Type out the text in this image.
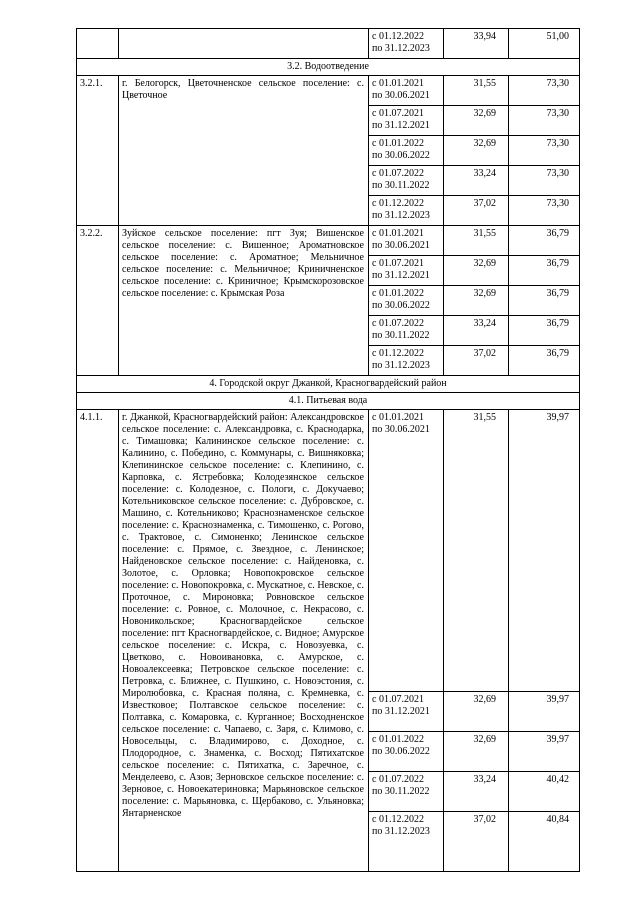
		с 01.12.2022
по 31.12.2023	33,94	51,00
3.2. Водоотведение				
3.2.1.	г. Белогорск, Цветочненское сельское поселение: с. Цветочное	с 01.01.2021
по 30.06.2021	31,55	73,30

		с 01.07.2021
по 31.12.2021	32,69	73,30

		с 01.01.2022
по 30.06.2022	32,69	73,30

		с 01.07.2022
по 30.11.2022	33,24	73,30

		с 01.12.2022
по 31.12.2023	37,02	73,30
3.2.2.	Зуйское сельское поселение: пгт Зуя; Вишенское сельское поселение: с. Вишенное; Ароматновское сельское поселение: с. Ароматное; Мельничное сельское поселение: с. Мельничное; Криничненское сельское поселение: с. Криничное; Крымскорозовское сельское поселение: с. Крымская Роза	с 01.01.2021
по 30.06.2021	31,55	36,79

		с 01.07.2021
по 31.12.2021	32,69	36,79

		с 01.01.2022
по 30.06.2022	32,69	36,79

		с 01.07.2022
по 30.11.2022	33,24	36,79

		с 01.12.2022
по 31.12.2023	37,02	36,79
4. Городской округ Джанкой, Красногвардейский район				
4.1. Питьевая вода				
4.1.1.	г. Джанкой, Красногвардейский район: Александровское сельское поселение: с. Александровка, с. Краснодарка, с. Тимашовка; Калининское сельское поселение: с. Калинино, с. Побединo, с. Коммунары, с. Вишняковка; Клепининское сельское поселение: с. Клепинино, с. Карповка, с. Ястребовка; Колодезянское сельское поселение: с. Колодезное, с. Пологи, с. Докучаево; Котельниковское сельское поселение: с. Дубровское, с. Машино, с. Котельниково; Краснознаменское сельское поселение: с. Краснознаменка, с. Тимошенко, с. Рогово, с. Трактовое, с. Симоненко; Ленинское сельское поселение: с. Прямое, с. Звездное, с. Ленинское; Найденовское сельское поселение: с. Найденовка, с. Золотое, с. Орловка; Новопокровское сельское поселение: с. Новопокровка, с. Мускатное, с. Невское, с. Проточное, с. Мироновка; Ровновское сельское поселение: с. Ровное, с. Молочное, с. Некрасово, с. Новоникольское; Красногвардейское сельское поселение: пгт Красногвардейское, с. Видное; Амурское сельское поселение: с. Искра, с. Новозуевка, с. Цветково, с. Новоивановка, с. Амурское, с. Новоалексеевка; Петровское сельское поселение: с. Петровка, с. Ближнее, с. Пушкино, с. Новоэстония, с. Миролюбовка, с. Красная поляна, с. Кремневка, с. Известковое; Полтавское сельское поселение: с. Полтавка, с. Комаровка, с. Курганное; Восходненское сельское поселение: с. Чапаево, с. Заря, с. Климово, с. Новосельцы, с. Владимирово, с. Доходное, с. Плодородное, с. Знаменка, с. Восход; Пятихатское сельское поселение: с. Пятихатка, с. Заречное, с. Менделеево, с. Азов; Зерновское сельское поселение: с. Зерновое, с. Новоекатериновка; Марьяновское сельское поселение: с. Марьяновка, с. Щербаково, с. Ульяновка; Янтарненское	с 01.01.2021
по 30.06.2021	31,55	39,97

		с 01.07.2021
по 31.12.2021	32,69	39,97

		с 01.01.2022
по 30.06.2022	32,69	39,97

		с 01.07.2022
по 30.11.2022	33,24	40,42

		с 01.12.2022
по 31.12.2023	37,02	40,84
